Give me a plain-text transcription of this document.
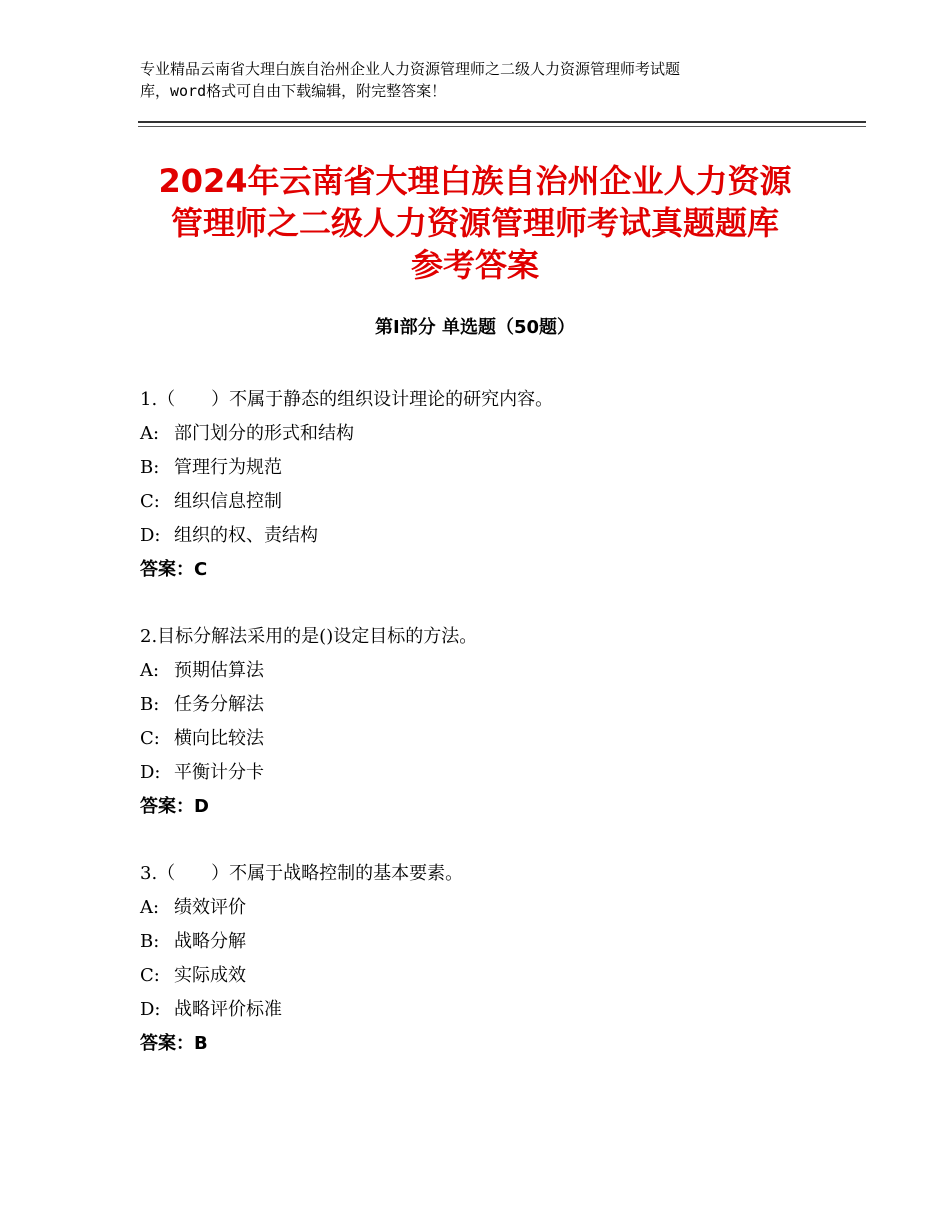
专业精品云南省大理白族自治州企业人力资源管理师之二级人力资源管理师考试题

库，word格式可自由下载编辑，附完整答案！

2024年云南省大理白族自治州企业人力资源
管理师之二级人力资源管理师考试真题题库
参考答案
第Ⅰ部分 单选题（50题）
1.（　　）不属于静态的组织设计理论的研究内容。
A: 部门划分的形式和结构
B: 管理行为规范
C: 组织信息控制
D: 组织的权、责结构
答案：C
2.目标分解法采用的是()设定目标的方法。
A: 预期估算法
B: 任务分解法
C: 横向比较法
D: 平衡计分卡
答案：D
3.（　　）不属于战略控制的基本要素。
A: 绩效评价
B: 战略分解
C: 实际成效
D: 战略评价标准
答案：B
